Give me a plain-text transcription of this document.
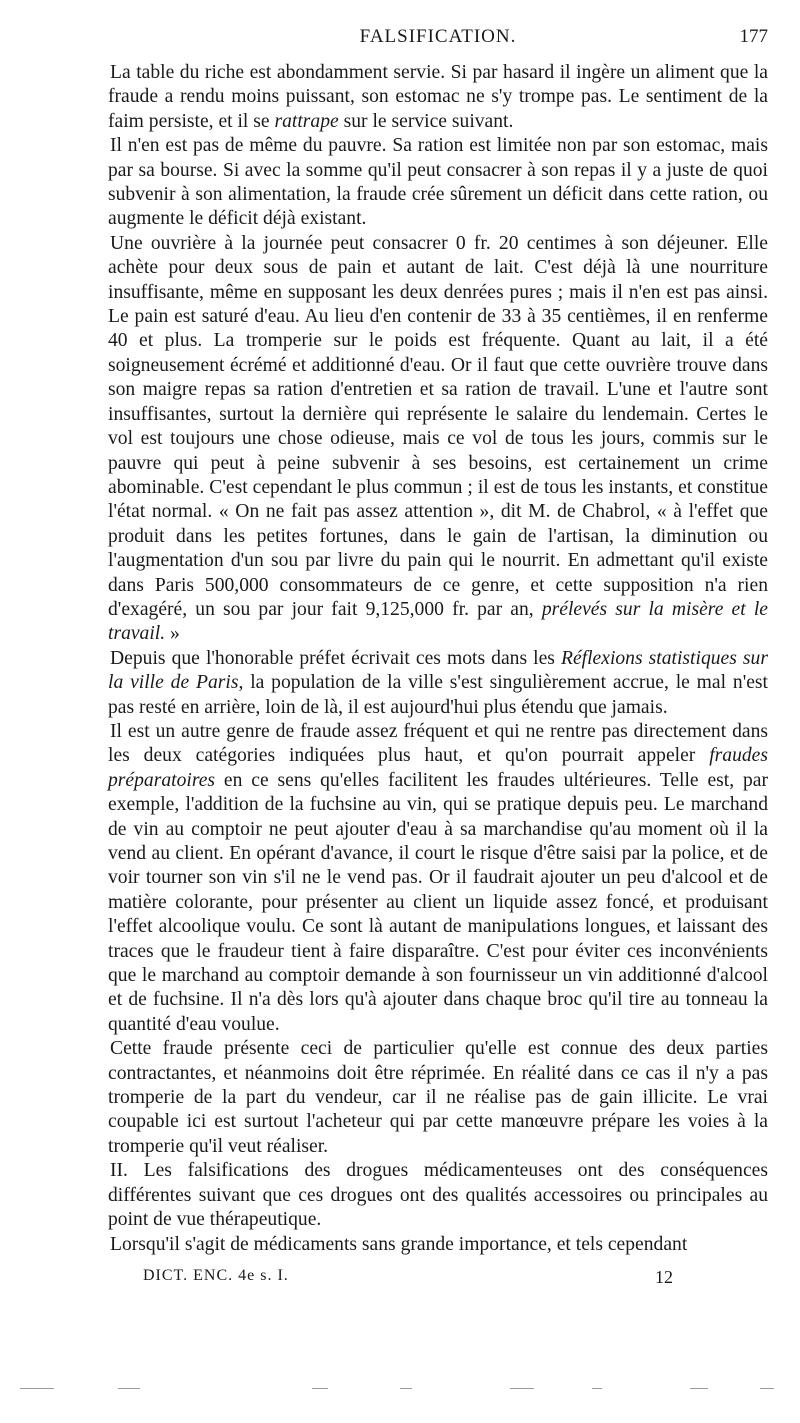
FALSIFICATION.	177

La table du riche est abondamment servie. Si par hasard il ingère un aliment que la fraude a rendu moins puissant, son estomac ne s'y trompe pas. Le sentiment de la faim persiste, et il se rattrape sur le service suivant.

Il n'en est pas de même du pauvre. Sa ration est limitée non par son estomac, mais par sa bourse. Si avec la somme qu'il peut consacrer à son repas il y a juste de quoi subvenir à son alimentation, la fraude crée sûrement un déficit dans cette ration, ou augmente le déficit déjà existant.

Une ouvrière à la journée peut consacrer 0 fr. 20 centimes à son déjeuner. Elle achète pour deux sous de pain et autant de lait. C'est déjà là une nourriture insuffisante, même en supposant les deux denrées pures ; mais il n'en est pas ainsi. Le pain est saturé d'eau. Au lieu d'en contenir de 33 à 35 centièmes, il en renferme 40 et plus. La tromperie sur le poids est fréquente. Quant au lait, il a été soigneusement écrémé et additionné d'eau. Or il faut que cette ouvrière trouve dans son maigre repas sa ration d'entretien et sa ration de travail. L'une et l'autre sont insuffisantes, surtout la dernière qui représente le salaire du lendemain. Certes le vol est toujours une chose odieuse, mais ce vol de tous les jours, commis sur le pauvre qui peut à peine subvenir à ses besoins, est certainement un crime abominable. C'est cependant le plus commun ; il est de tous les instants, et constitue l'état normal. « On ne fait pas assez attention », dit M. de Chabrol, « à l'effet que produit dans les petites fortunes, dans le gain de l'artisan, la diminution ou l'augmentation d'un sou par livre du pain qui le nourrit. En admettant qu'il existe dans Paris 500,000 consommateurs de ce genre, et cette supposition n'a rien d'exagéré, un sou par jour fait 9,125,000 fr. par an, prélevés sur la misère et le travail. »

Depuis que l'honorable préfet écrivait ces mots dans les Réflexions statistiques sur la ville de Paris, la population de la ville s'est singulièrement accrue, le mal n'est pas resté en arrière, loin de là, il est aujourd'hui plus étendu que jamais.

Il est un autre genre de fraude assez fréquent et qui ne rentre pas directement dans les deux catégories indiquées plus haut, et qu'on pourrait appeler fraudes préparatoires en ce sens qu'elles facilitent les fraudes ultérieures. Telle est, par exemple, l'addition de la fuchsine au vin, qui se pratique depuis peu. Le marchand de vin au comptoir ne peut ajouter d'eau à sa marchandise qu'au moment où il la vend au client. En opérant d'avance, il court le risque d'être saisi par la police, et de voir tourner son vin s'il ne le vend pas. Or il faudrait ajouter un peu d'alcool et de matière colorante, pour présenter au client un liquide assez foncé, et produisant l'effet alcoolique voulu. Ce sont là autant de manipulations longues, et laissant des traces que le fraudeur tient à faire disparaître. C'est pour éviter ces inconvénients que le marchand au comptoir demande à son fournisseur un vin additionné d'alcool et de fuchsine. Il n'a dès lors qu'à ajouter dans chaque broc qu'il tire au tonneau la quantité d'eau voulue.

Cette fraude présente ceci de particulier qu'elle est connue des deux parties contractantes, et néanmoins doit être réprimée. En réalité dans ce cas il n'y a pas tromperie de la part du vendeur, car il ne réalise pas de gain illicite. Le vrai coupable ici est surtout l'acheteur qui par cette manœuvre prépare les voies à la tromperie qu'il veut réaliser.

II. Les falsifications des drogues médicamenteuses ont des conséquences différentes suivant que ces drogues ont des qualités accessoires ou principales au point de vue thérapeutique.

Lorsqu'il s'agit de médicaments sans grande importance, et tels cependant

DICT. ENC. 4e s. I.	12
